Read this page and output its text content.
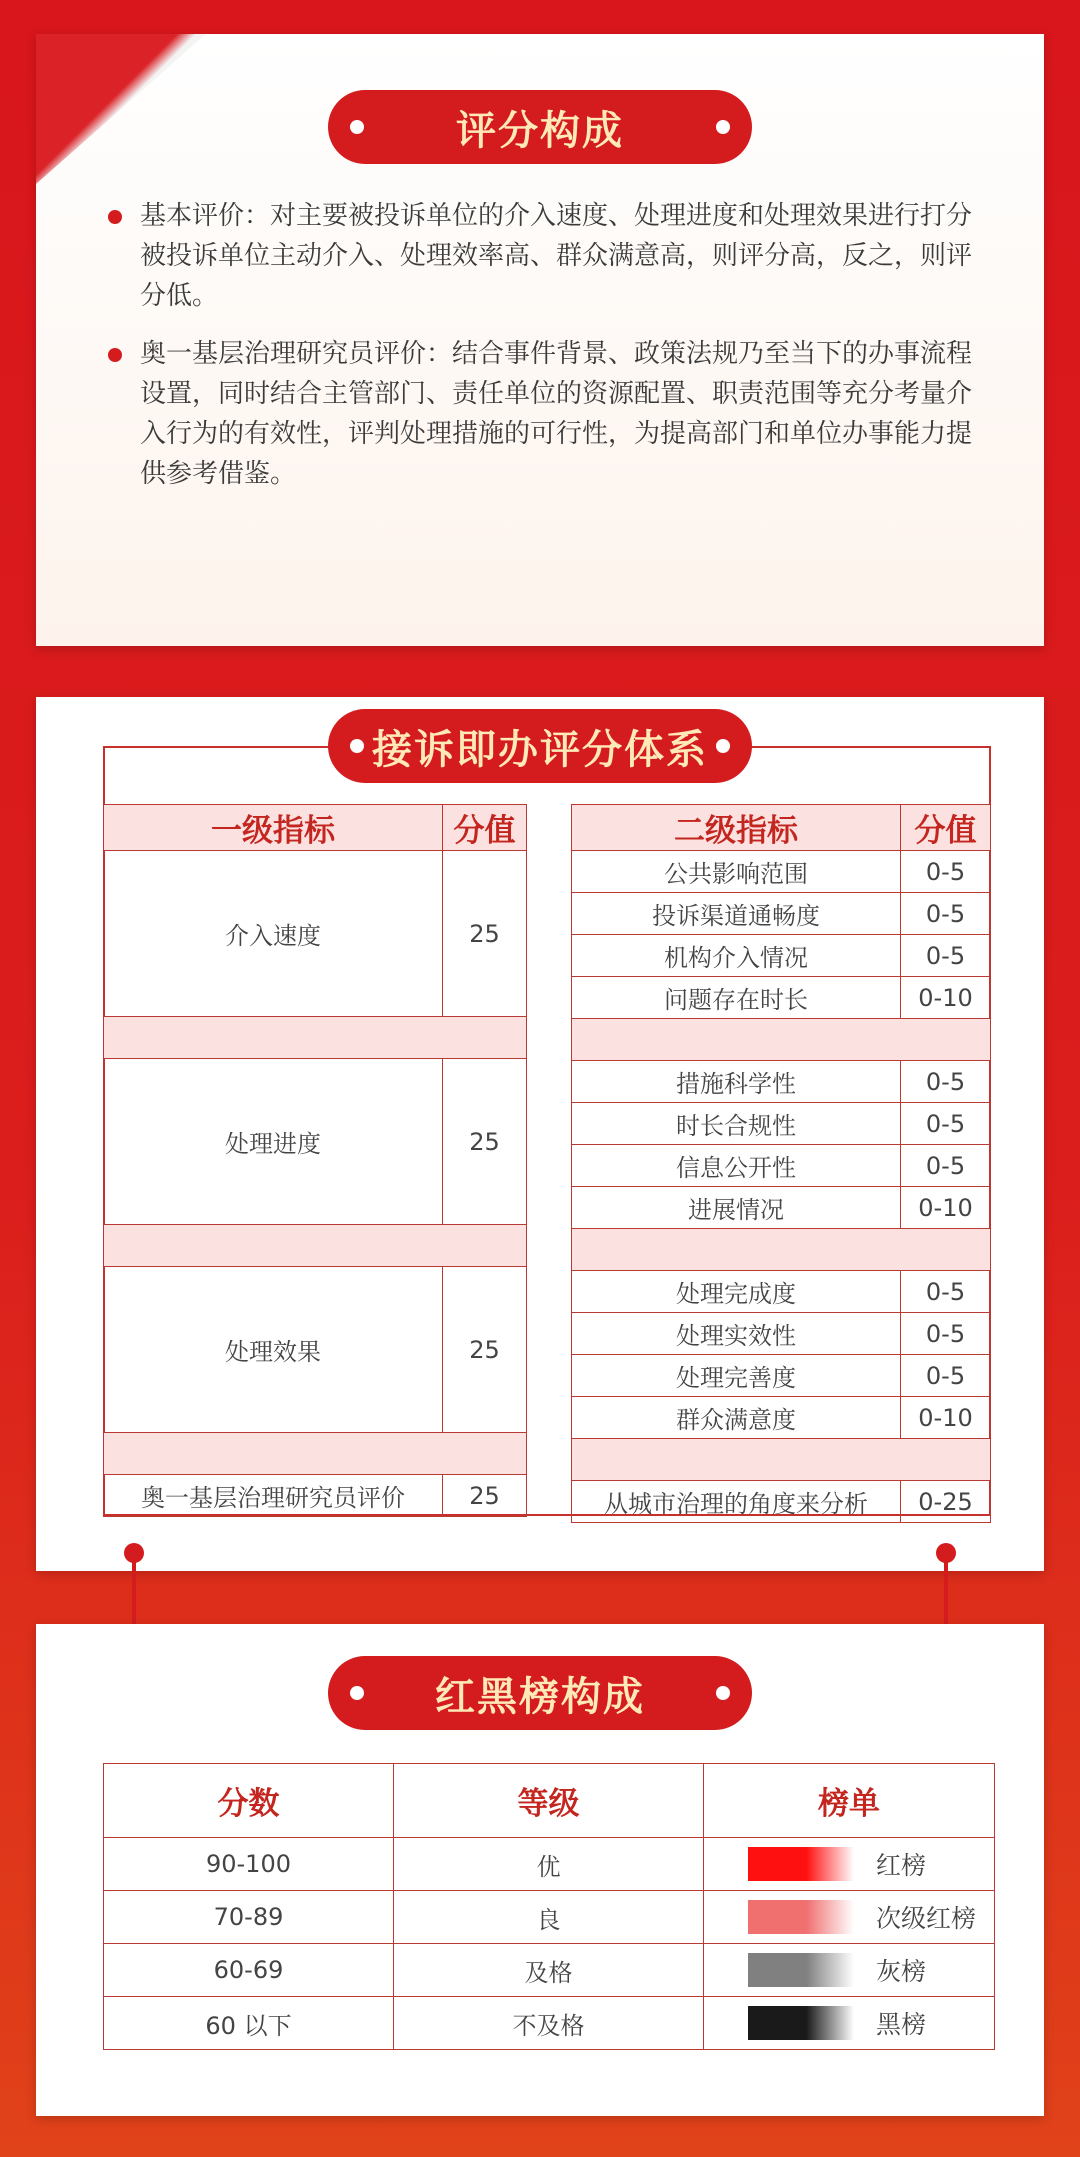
评分构成

基本评价：对主要被投诉单位的介入速度、处理进度和处理效果进行打分

被投诉单位主动介入、处理效率高、群众满意高，则评分高，反之，则评分低。

奥一基层治理研究员评价：结合事件背景、政策法规乃至当下的办事流程设置，同时结合主管部门、责任单位的资源配置、职责范围等充分考量介入行为的有效性，评判处理措施的可行性，为提高部门和单位办事能力提供参考借鉴。

接诉即办评分体系
一级指标	分值
介入速度	25

处理进度	25

处理效果	25

奥一基层治理研究员评价	25
二级指标	分值
公共影响范围	0-5
投诉渠道通畅度	0-5
机构介入情况	0-5
问题存在时长	0-10

措施科学性	0-5
时长合规性	0-5
信息公开性	0-5
进展情况	0-10

处理完成度	0-5
处理实效性	0-5
处理完善度	0-5
群众满意度	0-10

从城市治理的角度来分析	0-25
红黑榜构成
分数	等级	榜单
90-100	优	红榜

70-89	良	次级红榜

60-69	及格	灰榜

60 以下	不及格	黑榜
